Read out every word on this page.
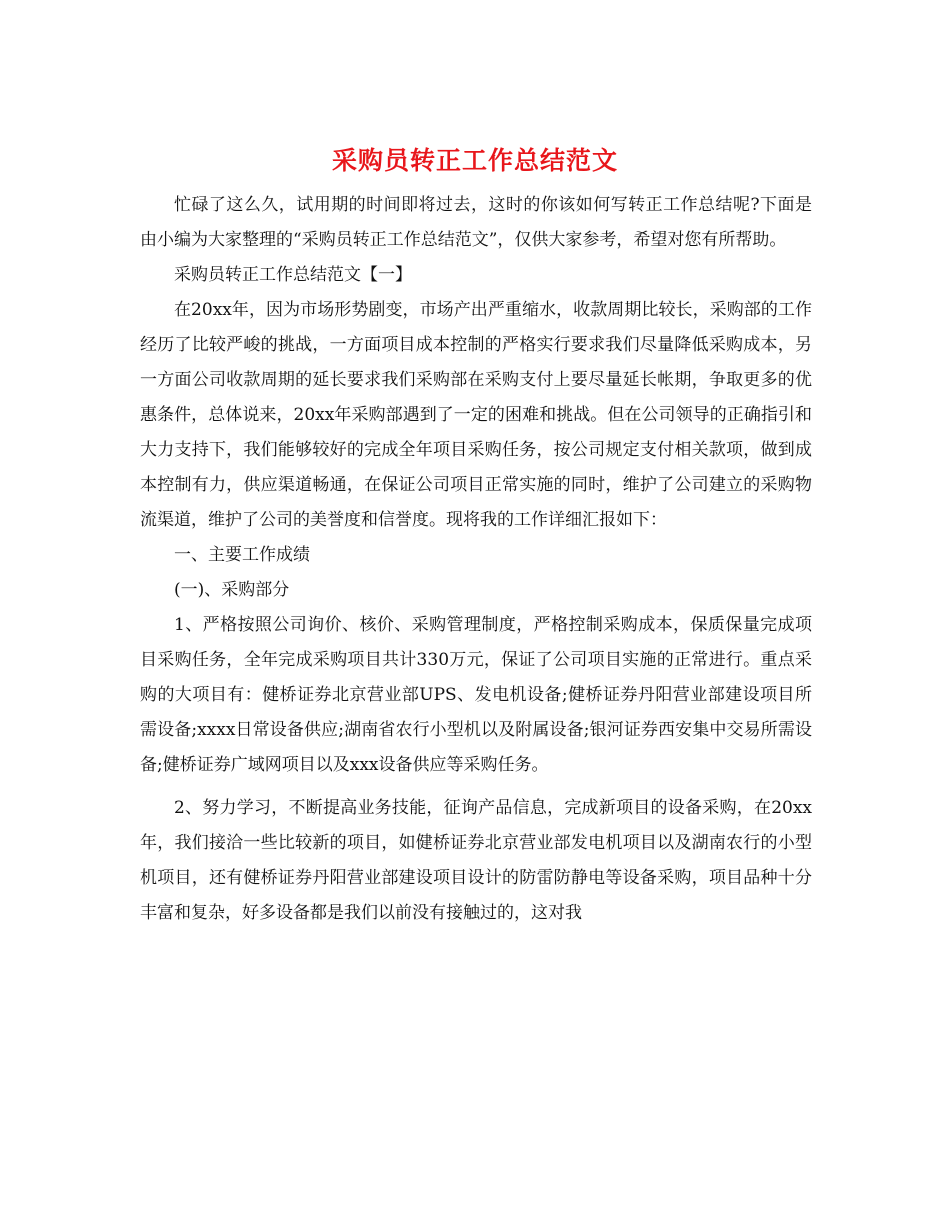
采购员转正工作总结范文

忙碌了这么久，试用期的时间即将过去，这时的你该如何写转正工作总结呢?下面是由小编为大家整理的“采购员转正工作总结范文”，仅供大家参考，希望对您有所帮助。

采购员转正工作总结范文【一】

在20xx年，因为市场形势剧变，市场产出严重缩水，收款周期比较长，采购部的工作经历了比较严峻的挑战，一方面项目成本控制的严格实行要求我们尽量降低采购成本，另一方面公司收款周期的延长要求我们采购部在采购支付上要尽量延长帐期，争取更多的优惠条件，总体说来，20xx年采购部遇到了一定的困难和挑战。但在公司领导的正确指引和大力支持下，我们能够较好的完成全年项目采购任务，按公司规定支付相关款项，做到成本控制有力，供应渠道畅通，在保证公司项目正常实施的同时，维护了公司建立的采购物流渠道，维护了公司的美誉度和信誉度。现将我的工作详细汇报如下：

一、主要工作成绩

(一)、采购部分

1、严格按照公司询价、核价、采购管理制度，严格控制采购成本，保质保量完成项目采购任务，全年完成采购项目共计330万元，保证了公司项目实施的正常进行。重点采购的大项目有：健桥证券北京营业部UPS、发电机设备;健桥证券丹阳营业部建设项目所需设备;xxxx日常设备供应;湖南省农行小型机以及附属设备;银河证券西安集中交易所需设备;健桥证券广域网项目以及xxx设备供应等采购任务。

2、努力学习，不断提高业务技能，征询产品信息，完成新项目的设备采购，在20xx年，我们接洽一些比较新的项目，如健桥证券北京营业部发电机项目以及湖南农行的小型机项目，还有健桥证券丹阳营业部建设项目设计的防雷防静电等设备采购，项目品种十分丰富和复杂，好多设备都是我们以前没有接触过的，这对我
